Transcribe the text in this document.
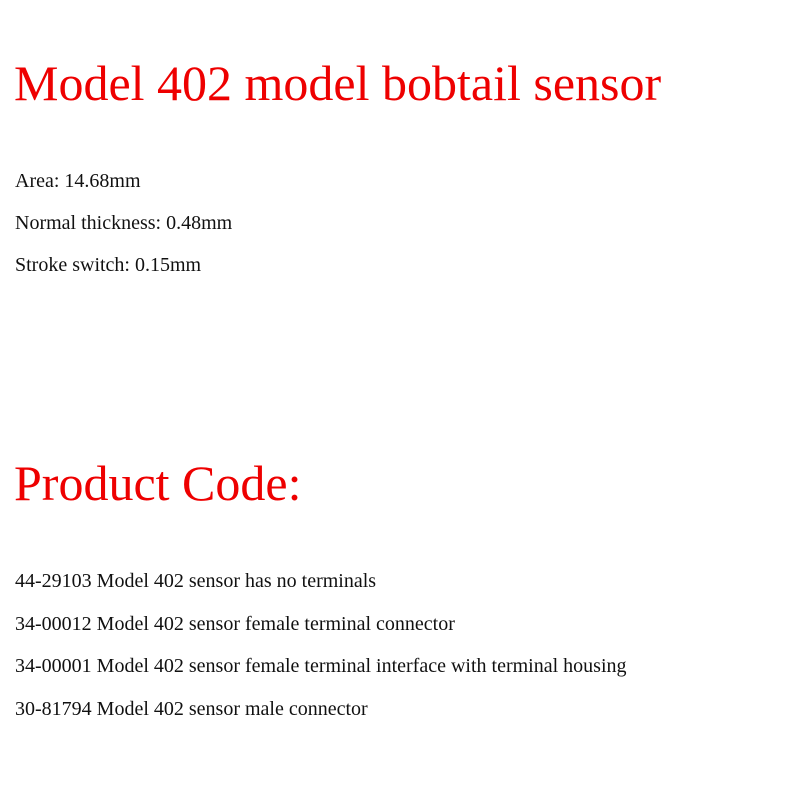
Model 402 model bobtail sensor
Area: 14.68mm
Normal thickness: 0.48mm
Stroke switch: 0.15mm
Product Code:
44-29103 Model 402 sensor has no terminals
34-00012 Model 402 sensor female terminal connector
34-00001 Model 402 sensor female terminal interface with terminal housing
30-81794 Model 402 sensor male connector
